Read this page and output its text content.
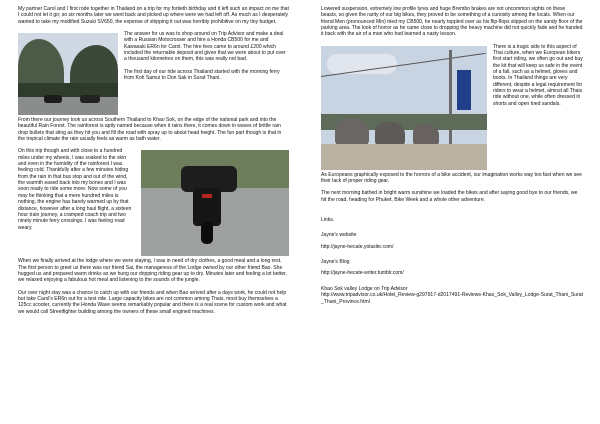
My partner Carol and I first rode together in Thailand on a trip for my fortieth birthday and it left such an impact on me that I could not let it go; so six months later we went back and picked up where were we had left off. As much as I desperately wanted to take my modified Suzuki SV650, the expense of shipping it out was horribly prohibitive on my tiny budget.

The answer for us was to shop around on Trip Advisor and make a deal with a Russian Motocrosser and hire a Honda CB500 for me and Kawasaki ER6n for Carol. The hire fees came to around £200 which included the returnable deposit and given that we were about to put over a thousand kilometres on them, this was really not bad.

The first day of our ride across Thailand started with the morning ferry from Koh Samui to Don Sak in Surat Thani.

From there our journey took us across Southern Thailand to Khao Sok, on the edge of the national park and into the beautiful Rain Forest. The rainforest is aptly named because when it rains there, it comes down in waves of brittle rain drop bullets that sting as they hit you and fill the road with spray up to about head height. The fun part though is that in the tropical climate the rain usually feels as warm as bath water.

On this trip though and with close to a hundred miles under my wheels, I was soaked to the skin and even in the humidity of the rainforest I was feeling cold. Thankfully after a few minutes hiding from the rain in that bus stop and out of the wind, the warmth eased back into my bones and I was soon ready to ride some more. Now some of you may be thinking that a mere hundred miles is nothing, the engine has barely warmed up by that distance, however after a long haul flight, a sixteen hour train journey, a cramped coach trip and two ninety minute ferry crossings, I was feeling road weary.

When we finally arrived at the lodge where we were staying, I was in need of dry clothes, a good meal and a long rest. The first person to greet us there was our friend Sai, the manageress of the Lodge owned by our other friend Bao. She hugged us and prepared warm drinks as we hung our dripping riding gear up to dry. Minutes later and feeling a lot better, we relaxed enjoying a fabulous hot meal and listening to the sounds of the jungle.

Our over night stay was a chance to catch up with our friends and when Bao arrived after a days work, he could not help but take Carol's ER6n out for a test ride. Large capacity bikes are not common among Thais, most buy themselves a 125cc scooter, currently the Honda Wave seems remarkably popular and there is a real scene for custom work and what we would call Streetfighter building among the owners of these small engined machines.

Lowered suspension, extremely low profile tyres and huge Brembo brakes are not uncommon sights on these beasts, so given the rarity of our big bikes, they proved to be something of a curiosity among the locals. When our friend Men (pronounced Min) tried my CB500, he nearly toppled over as his flip-flops slipped on the sandy floor of the parking area. The look of horror as he came close to dropping the heavy machine did not quickly fade and he handed it back with the air of a man who had learned a nasty lesson.

There is a tragic side to this aspect of Thai culture, when we European bikers first start riding, we often go out and buy the kit that will keep us safe in the event of a fall, such as a helmet, gloves and boots. In Thailand things are very different, despite a legal requirement for riders to wear a helmet, almost all Thais ride without one, while often dressed in shorts and open toed sandals.

As Europeans graphically exposed to the horrors of a bike accident, our imagination works way too fast when we see their lack of proper riding gear.

The next morning bathed in bright warm sunshine we loaded the bikes and after saying good bye to our friends, we hit the road, heading for Phuket, Bike Week and a whole other adventure.

Links.

Jayne's website

http://jayne-hecate.yolasite.com/

Jayne's Blog

http://jayne-hecate-writer.tumblr.com/

Khao Sok valley Lodge on Trip Advisor

http://www.tripadvisor.co.uk/Hotel_Review-g297917-d2017491-Reviews-Khao_Sok_Valley_Lodge-Surat_Thani_Surat_Thani_Province.html
